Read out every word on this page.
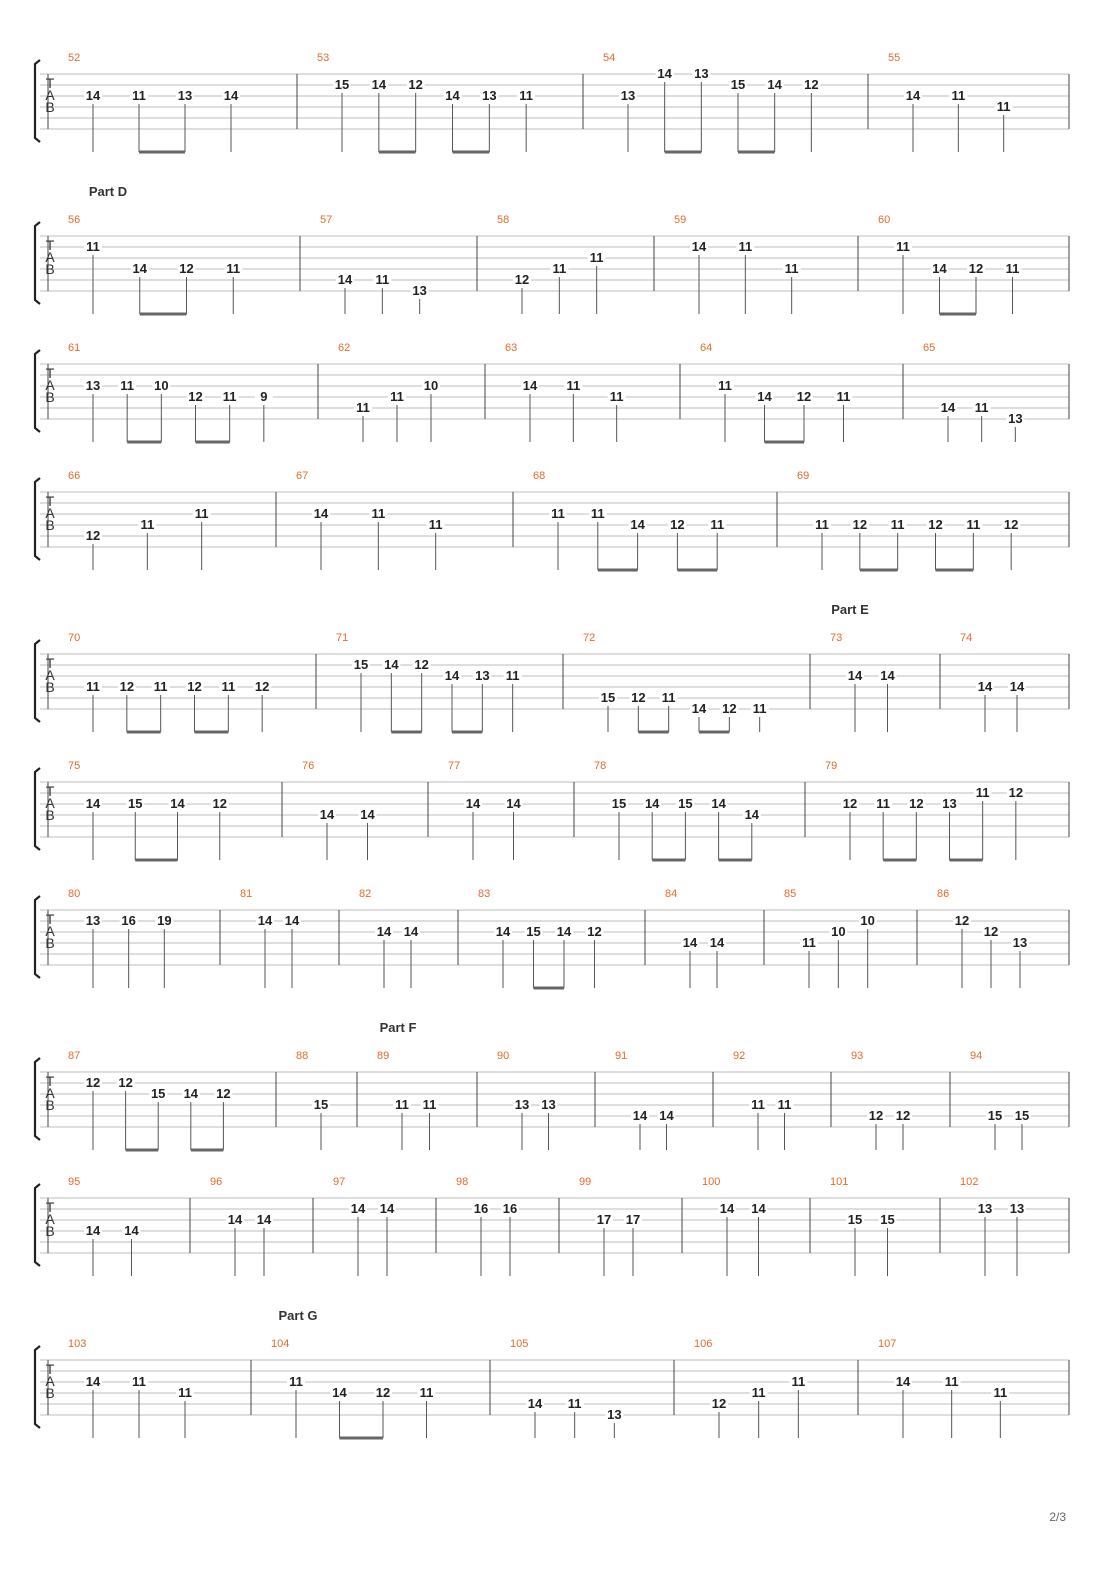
T
A
B
52
14 11 13 14
53
15 14 12
14 13 11
54
13
14 13
15 14 12
55
14 11
11
T
A
B
Part D
56
11
14 12	11
57
14 11
13
58
12
11
11
59
14 11
11
60
11
14 12 11
T
A
B
61
13 11 10
12 11 9
62
11
11
10
63
14 11
11
64
11
14 12 11
65
14 11
13
T
A
B
66
12
11
11
67
14	11
11
68
11 11
14 12 11
69
11 12 11 12 11 12
T
A
B
Part E
70
11 12 11 12 11 12
71
15 14 12
14 13 11
72
15 12 11
14 12 11
73
14 14
74
14 14
T
A
B
75
14 15 14 12
76
14 14
77
14 14
78
15 14 15 14
14
79
12 11 12 13
11 12
T
A
B
80
13 16 19
81
14 14
82
14 14
83
14 15 14 12
84
14 14
85
11
10
10
86
12
12
13
T
A
B
Part F
87
12 12
15 14 12
88
15
89
11 11
90
13 13
91
14 14
92
11 11
93
12 12
94
15 15
T
A
B
95
14 14
96
14 14
97
14 14
98
16 16
99
17 17
100
14 14
101
15 15
102
13 13
T
A
B
Part G
103
14 11
11
104
11
14 12 11
105
14 11
13
106
12
11
11
107
14	11
11
2/3
